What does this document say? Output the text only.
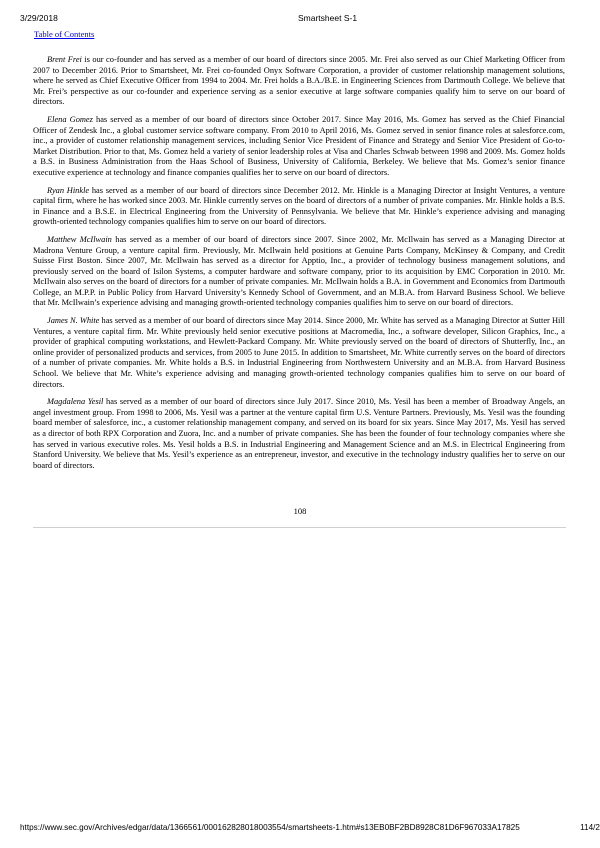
3/29/2018	Smartsheet S-1
Table of Contents

Brent Frei is our co-founder and has served as a member of our board of directors since 2005. Mr. Frei also served as our Chief Marketing Officer from 2007 to December 2016. Prior to Smartsheet, Mr. Frei co-founded Onyx Software Corporation, a provider of customer relationship management solutions, where he served as Chief Executive Officer from 1994 to 2004. Mr. Frei holds a B.A./B.E. in Engineering Sciences from Dartmouth College. We believe that Mr. Frei’s perspective as our co-founder and experience serving as a senior executive at large software companies qualify him to serve on our board of directors.

Elena Gomez has served as a member of our board of directors since October 2017. Since May 2016, Ms. Gomez has served as the Chief Financial Officer of Zendesk Inc., a global customer service software company. From 2010 to April 2016, Ms. Gomez served in senior finance roles at salesforce.com, inc., a provider of customer relationship management services, including Senior Vice President of Finance and Strategy and Senior Vice President of Go-to-Market Distribution. Prior to that, Ms. Gomez held a variety of senior leadership roles at Visa and Charles Schwab between 1998 and 2009. Ms. Gomez holds a B.S. in Business Administration from the Haas School of Business, University of California, Berkeley. We believe that Ms. Gomez’s senior finance executive experience at technology and finance companies qualifies her to serve on our board of directors.

Ryan Hinkle has served as a member of our board of directors since December 2012. Mr. Hinkle is a Managing Director at Insight Ventures, a venture capital firm, where he has worked since 2003. Mr. Hinkle currently serves on the board of directors of a number of private companies. Mr. Hinkle holds a B.S. in Finance and a B.S.E. in Electrical Engineering from the University of Pennsylvania. We believe that Mr. Hinkle’s experience advising and managing growth-oriented technology companies qualifies him to serve on our board of directors.

Matthew McIlwain has served as a member of our board of directors since 2007. Since 2002, Mr. McIlwain has served as a Managing Director at Madrona Venture Group, a venture capital firm. Previously, Mr. McIlwain held positions at Genuine Parts Company, McKinsey & Company, and Credit Suisse First Boston. Since 2007, Mr. McIlwain has served as a director for Apptio, Inc., a provider of technology business management solutions, and previously served on the board of Isilon Systems, a computer hardware and software company, prior to its acquisition by EMC Corporation in 2010. Mr. McIlwain also serves on the board of directors for a number of private companies. Mr. McIlwain holds a B.A. in Government and Economics from Dartmouth College, an M.P.P. in Public Policy from Harvard University’s Kennedy School of Government, and an M.B.A. from Harvard Business School. We believe that Mr. McIlwain’s experience advising and managing growth-oriented technology companies qualifies him to serve on our board of directors.

James N. White has served as a member of our board of directors since May 2014. Since 2000, Mr. White has served as a Managing Director at Sutter Hill Ventures, a venture capital firm. Mr. White previously held senior executive positions at Macromedia, Inc., a software developer, Silicon Graphics, Inc., a provider of graphical computing workstations, and Hewlett-Packard Company. Mr. White previously served on the board of directors of Shutterfly, Inc., an online provider of personalized products and services, from 2005 to June 2015. In addition to Smartsheet, Mr. White currently serves on the board of directors of a number of private companies. Mr. White holds a B.S. in Industrial Engineering from Northwestern University and an M.B.A. from Harvard Business School. We believe that Mr. White’s experience advising and managing growth-oriented technology companies qualifies him to serve on our board of directors.

Magdalena Yesil has served as a member of our board of directors since July 2017. Since 2010, Ms. Yesil has been a member of Broadway Angels, an angel investment group. From 1998 to 2006, Ms. Yesil was a partner at the venture capital firm U.S. Venture Partners. Previously, Ms. Yesil was the founding board member of salesforce, inc., a customer relationship management company, and served on its board for six years. Since May 2017, Ms. Yesil has served as a director of both RPX Corporation and Zuora, Inc. and a number of private companies. She has been the founder of four technology companies where she has served in various executive roles. Ms. Yesil holds a B.S. in Industrial Engineering and Management Science and an M.S. in Electrical Engineering from Stanford University. We believe that Ms. Yesil’s experience as an entrepreneur, investor, and executive in the technology industry qualifies her to serve on our board of directors.

108
https://www.sec.gov/Archives/edgar/data/1366561/000162828018003554/smartsheets-1.htm#s13EB0BF2BD8928C81D6F967033A17825	114/2
